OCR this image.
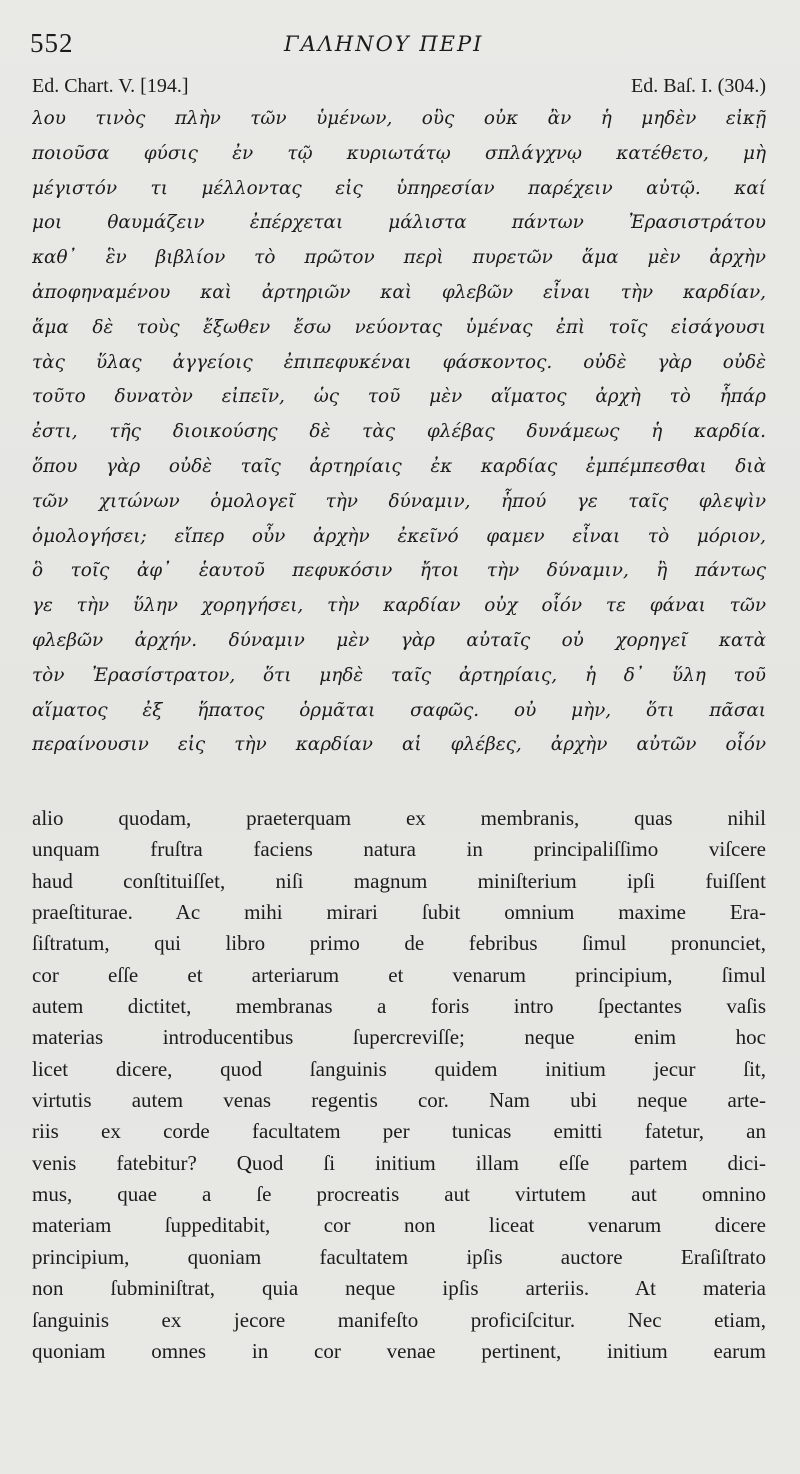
552	ΓΑΛΗΝΟΥ ΠΕΡΙ
Ed. Chart. V. [194.]	Ed. Baſ. I. (304.)
λου τινὸς πλὴν τῶν ὑμένων, οὓς οὐκ ἂν ἡ μηδὲν εἰκῇ
ποιοῦσα φύσις ἐν τῷ κυριωτάτῳ σπλάγχνῳ κατέθετο, μὴ
μέγιστόν τι μέλλοντας εἰς ὑπηρεσίαν παρέχειν αὐτῷ. καί
μοι θαυμάζειν ἐπέρχεται μάλιστα πάντων Ἐρασιστράτου
καθ᾽ ἓν βιβλίον τὸ πρῶτον περὶ πυρετῶν ἅμα μὲν ἀρχὴν
ἀποφηναμένου καὶ ἀρτηριῶν καὶ φλεβῶν εἶναι τὴν καρδίαν,
ἅμα δὲ τοὺς ἔξωθεν ἔσω νεύοντας ὑμένας ἐπὶ τοῖς εἰσάγουσι
τὰς ὕλας ἀγγείοις ἐπιπεφυκέναι φάσκοντος. οὐδὲ γὰρ οὐδὲ
τοῦτο δυνατὸν εἰπεῖν, ὡς τοῦ μὲν αἵματος ἀρχὴ τὸ ἧπάρ
ἐστι, τῆς διοικούσης δὲ τὰς φλέβας δυνάμεως ἡ καρδία.
ὅπου γὰρ οὐδὲ ταῖς ἀρτηρίαις ἐκ καρδίας ἐμπέμπεσθαι διὰ
τῶν χιτώνων ὁμολογεῖ τὴν δύναμιν, ἧπού γε ταῖς φλεψὶν
ὁμολογήσει; εἴπερ οὖν ἀρχὴν ἐκεῖνό φαμεν εἶναι τὸ μόριον,
ὃ τοῖς ἀφ᾽ ἑαυτοῦ πεφυκόσιν ἤτοι τὴν δύναμιν, ἢ πάντως
γε τὴν ὕλην χορηγήσει, τὴν καρδίαν οὐχ οἷόν τε φάναι τῶν
φλεβῶν ἀρχήν. δύναμιν μὲν γὰρ αὐταῖς οὐ χορηγεῖ κατὰ
τὸν Ἐρασίστρατον, ὅτι μηδὲ ταῖς ἀρτηρίαις, ἡ δ᾽ ὕλη τοῦ
αἵματος ἐξ ἥπατος ὁρμᾶται σαφῶς. οὐ μὴν, ὅτι πᾶσαι
περαίνουσιν εἰς τὴν καρδίαν αἱ φλέβες, ἀρχὴν αὐτῶν οἷόν
alio quodam, praeterquam ex membranis, quas nihil
unquam fruſtra faciens natura in principaliſſimo viſcere
haud conſtituiſſet, niſi magnum miniſterium ipſi fuiſſent
praeſtiturae. Ac mihi mirari ſubit omnium maxime Era-
ſiſtratum, qui libro primo de febribus ſimul pronunciet,
cor eſſe et arteriarum et venarum principium, ſimul
autem dictitet, membranas a foris intro ſpectantes vaſis
materias introducentibus ſupercreviſſe; neque enim hoc
licet dicere, quod ſanguinis quidem initium jecur ſit,
virtutis autem venas regentis cor. Nam ubi neque arte-
riis ex corde facultatem per tunicas emitti fatetur, an
venis fatebitur? Quod ſi initium illam eſſe partem dici-
mus, quae a ſe procreatis aut virtutem aut omnino
materiam ſuppeditabit, cor non liceat venarum dicere
principium, quoniam facultatem ipſis auctore Eraſiſtrato
non ſubminiſtrat, quia neque ipſis arteriis. At materia
ſanguinis ex jecore manifeſto proficiſcitur. Nec etiam,
quoniam omnes in cor venae pertinent, initium earum
